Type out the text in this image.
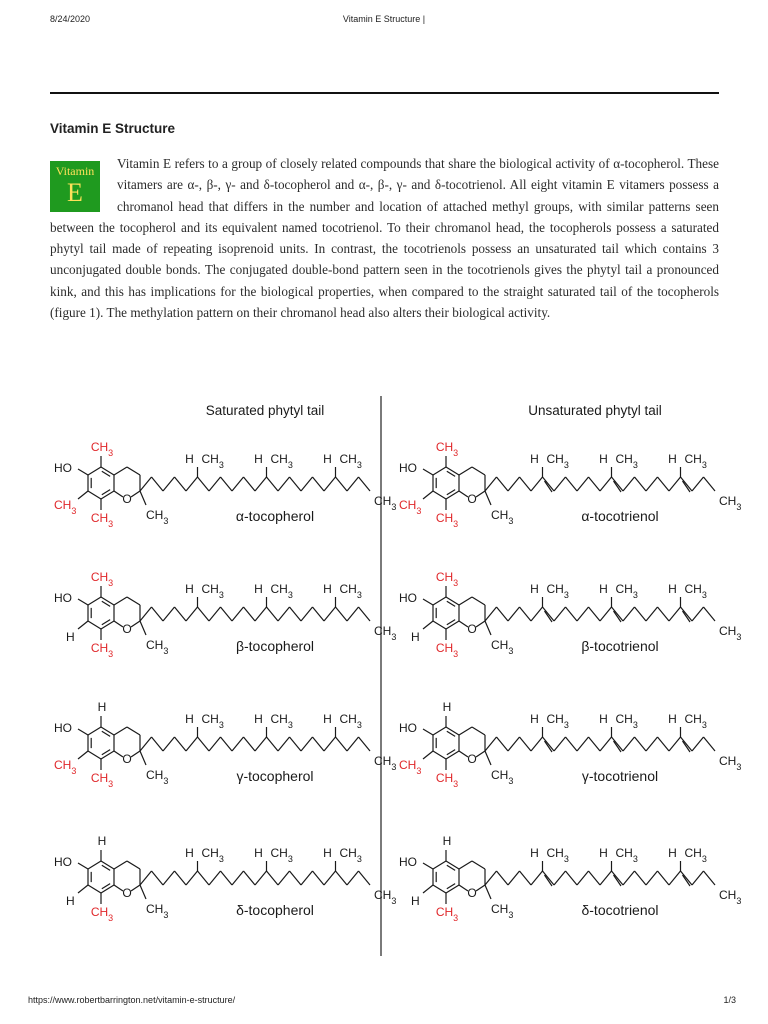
8/24/2020	Vitamin E Structure |
Vitamin E Structure
Vitamin
E
Vitamin E refers to a group of closely related compounds that share the biological activity of α-tocopherol. These vitamers are α-, β-, γ- and δ-tocopherol and α-, β-, γ- and δ-tocotrienol. All eight vitamin E vitamers possess a chromanol head that differs in the number and location of attached methyl groups, with similar patterns seen between the tocopherol and its equivalent named tocotrienol. To their chromanol head, the tocopherols possess a saturated phytyl tail made of repeating isoprenoid units. In contrast, the tocotrienols possess an unsaturated tail which contains 3 unconjugated double bonds. The conjugated double-bond pattern seen in the tocotrienols gives the phytyl tail a pronounced kink, and this has implications for the biological properties, when compared to the straight saturated tail of the tocopherols (figure 1). The methylation pattern on their chromanol head also alters their biological activity.
Saturated phytyl tail	Unsaturated phytyl tail
O
HO
$CH_3$
$CH_3$ $CH_3$
$CH_3$
H $CH_3$	H $CH_3$	H $CH_3$
$CH_3$
α-tocopherol
O
HO
$CH_3$
$CH_3$ $CH_3$
$CH_3$
H $CH_3$	H $CH_3$	H $CH_3$
$CH_3$
α-tocotrienol
O
HO
$CH_3$
H
$CH_3$
$CH_3$
H $CH_3$	H $CH_3$	H $CH_3$
$CH_3$
β-tocopherol
O
HO
$CH_3$
H
$CH_3$
$CH_3$
H $CH_3$	H $CH_3$	H $CH_3$
$CH_3$
β-tocotrienol
O
HO
H
$CH_3$ $CH_3$
$CH_3$
H $CH_3$	H $CH_3$	H $CH_3$
$CH_3$
γ-tocopherol
O
HO
H
$CH_3$ $CH_3$
$CH_3$
H $CH_3$	H $CH_3$	H $CH_3$
$CH_3$
γ-tocotrienol
O
HO
H
H
$CH_3$
$CH_3$
H $CH_3$	H $CH_3$	H $CH_3$
$CH_3$
δ-tocopherol
O
HO
H
H
$CH_3$
$CH_3$
H $CH_3$	H $CH_3$	H $CH_3$
$CH_3$
δ-tocotrienol
https://www.robertbarrington.net/vitamin-e-structure/	1/3
